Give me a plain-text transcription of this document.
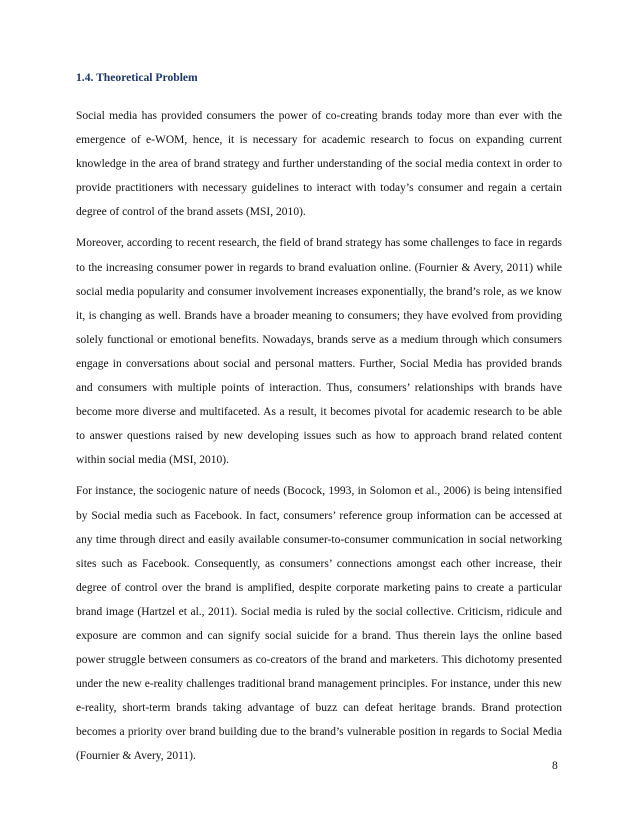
1.4. Theoretical Problem

Social media has provided consumers the power of co-creating brands today more than ever with the emergence of e-WOM, hence, it is necessary for academic research to focus on expanding current knowledge in the area of brand strategy and further understanding of the social media context in order to provide practitioners with necessary guidelines to interact with today’s consumer and regain a certain degree of control of the brand assets (MSI, 2010).

Moreover, according to recent research, the field of brand strategy has some challenges to face in regards to the increasing consumer power in regards to brand evaluation online. (Fournier & Avery, 2011) while social media popularity and consumer involvement increases exponentially, the brand’s role, as we know it, is changing as well. Brands have a broader meaning to consumers; they have evolved from providing solely functional or emotional benefits. Nowadays, brands serve as a medium through which consumers engage in conversations about social and personal matters. Further, Social Media has provided brands and consumers with multiple points of interaction. Thus, consumers’ relationships with brands have become more diverse and multifaceted. As a result, it becomes pivotal for academic research to be able to answer questions raised by new developing issues such as how to approach brand related content within social media (MSI, 2010).

For instance, the sociogenic nature of needs (Bocock, 1993, in Solomon et al., 2006) is being intensified by Social media such as Facebook. In fact, consumers’ reference group information can be accessed at any time through direct and easily available consumer-to-consumer communication in social networking sites such as Facebook. Consequently, as consumers’ connections amongst each other increase, their degree of control over the brand is amplified, despite corporate marketing pains to create a particular brand image (Hartzel et al., 2011). Social media is ruled by the social collective. Criticism, ridicule and exposure are common and can signify social suicide for a brand. Thus therein lays the online based power struggle between consumers as co-creators of the brand and marketers. This dichotomy presented under the new e-reality challenges traditional brand management principles. For instance, under this new e-reality, short-term brands taking advantage of buzz can defeat heritage brands. Brand protection becomes a priority over brand building due to the brand’s vulnerable position in regards to Social Media (Fournier & Avery, 2011).

8
